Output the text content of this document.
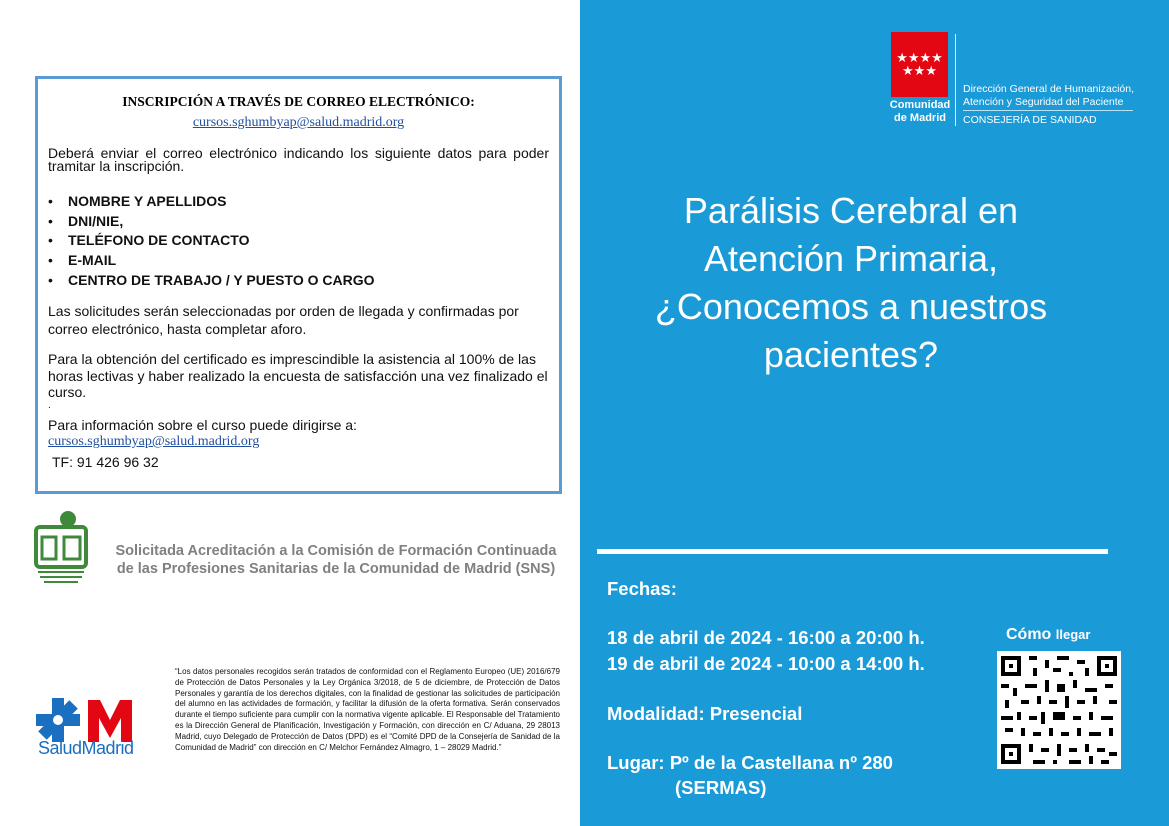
INSCRIPCIÓN A TRAVÉS DE CORREO ELECTRÓNICO:
cursos.sghumbyap@salud.madrid.org

Deberá enviar el correo electrónico indicando los siguiente datos para poder tramitar la inscripción.

• NOMBRE Y APELLIDOS
• DNI/NIE,
• TELÉFONO DE CONTACTO
• E-MAIL
• CENTRO DE TRABAJO / Y PUESTO O CARGO

Las solicitudes serán seleccionadas por orden de llegada y confirmadas por correo electrónico, hasta completar aforo.

Para la obtención del certificado es imprescindible la asistencia al 100% de las horas lectivas y haber realizado la encuesta de satisfacción una vez finalizado el curso.

.

Para información sobre el curso puede dirigirse a:

cursos.sghumbyap@salud.madrid.org

TF: 91 426 96 32

Solicitada Acreditación a la Comisión de Formación Continuada
de las Profesiones Sanitarias de la Comunidad de Madrid (SNS)
SaludMadrid
“Los datos personales recogidos serán tratados de conformidad con el Reglamento Europeo (UE) 2016/679 de Protección de Datos Personales y la Ley Orgánica 3/2018, de 5 de diciembre, de Protección de Datos Personales y garantía de los derechos digitales, con la finalidad de gestionar las solicitudes de participación del alumno en las actividades de formación, y facilitar la difusión de la oferta formativa. Serán conservados durante el tiempo suficiente para cumplir con la normativa vigente aplicable. El Responsable del Tratamiento es la Dirección General de Planificación, Investigación y Formación, con dirección en C/ Aduana, 29 28013 Madrid, cuyo Delegado de Protección de Datos (DPD) es el “Comité DPD de la Consejería de Sanidad de la Comunidad de Madrid” con dirección en C/ Melchor Fernández Almagro, 1 – 28029 Madrid.”
★★★★
★★★
Comunidad
de Madrid
Dirección General de Humanización,
Atención y Seguridad del Paciente
CONSEJERÍA DE SANIDAD
Parálisis Cerebral en
Atención Primaria,
¿Conocemos a nuestros
pacientes?
Fechas:
18 de abril de 2024 - 16:00 a 20:00 h.
19 de abril de 2024 - 10:00 a 14:00 h.
Modalidad: Presencial
Lugar: Pº de la Castellana nº 280
(SERMAS)
Cómo llegar
